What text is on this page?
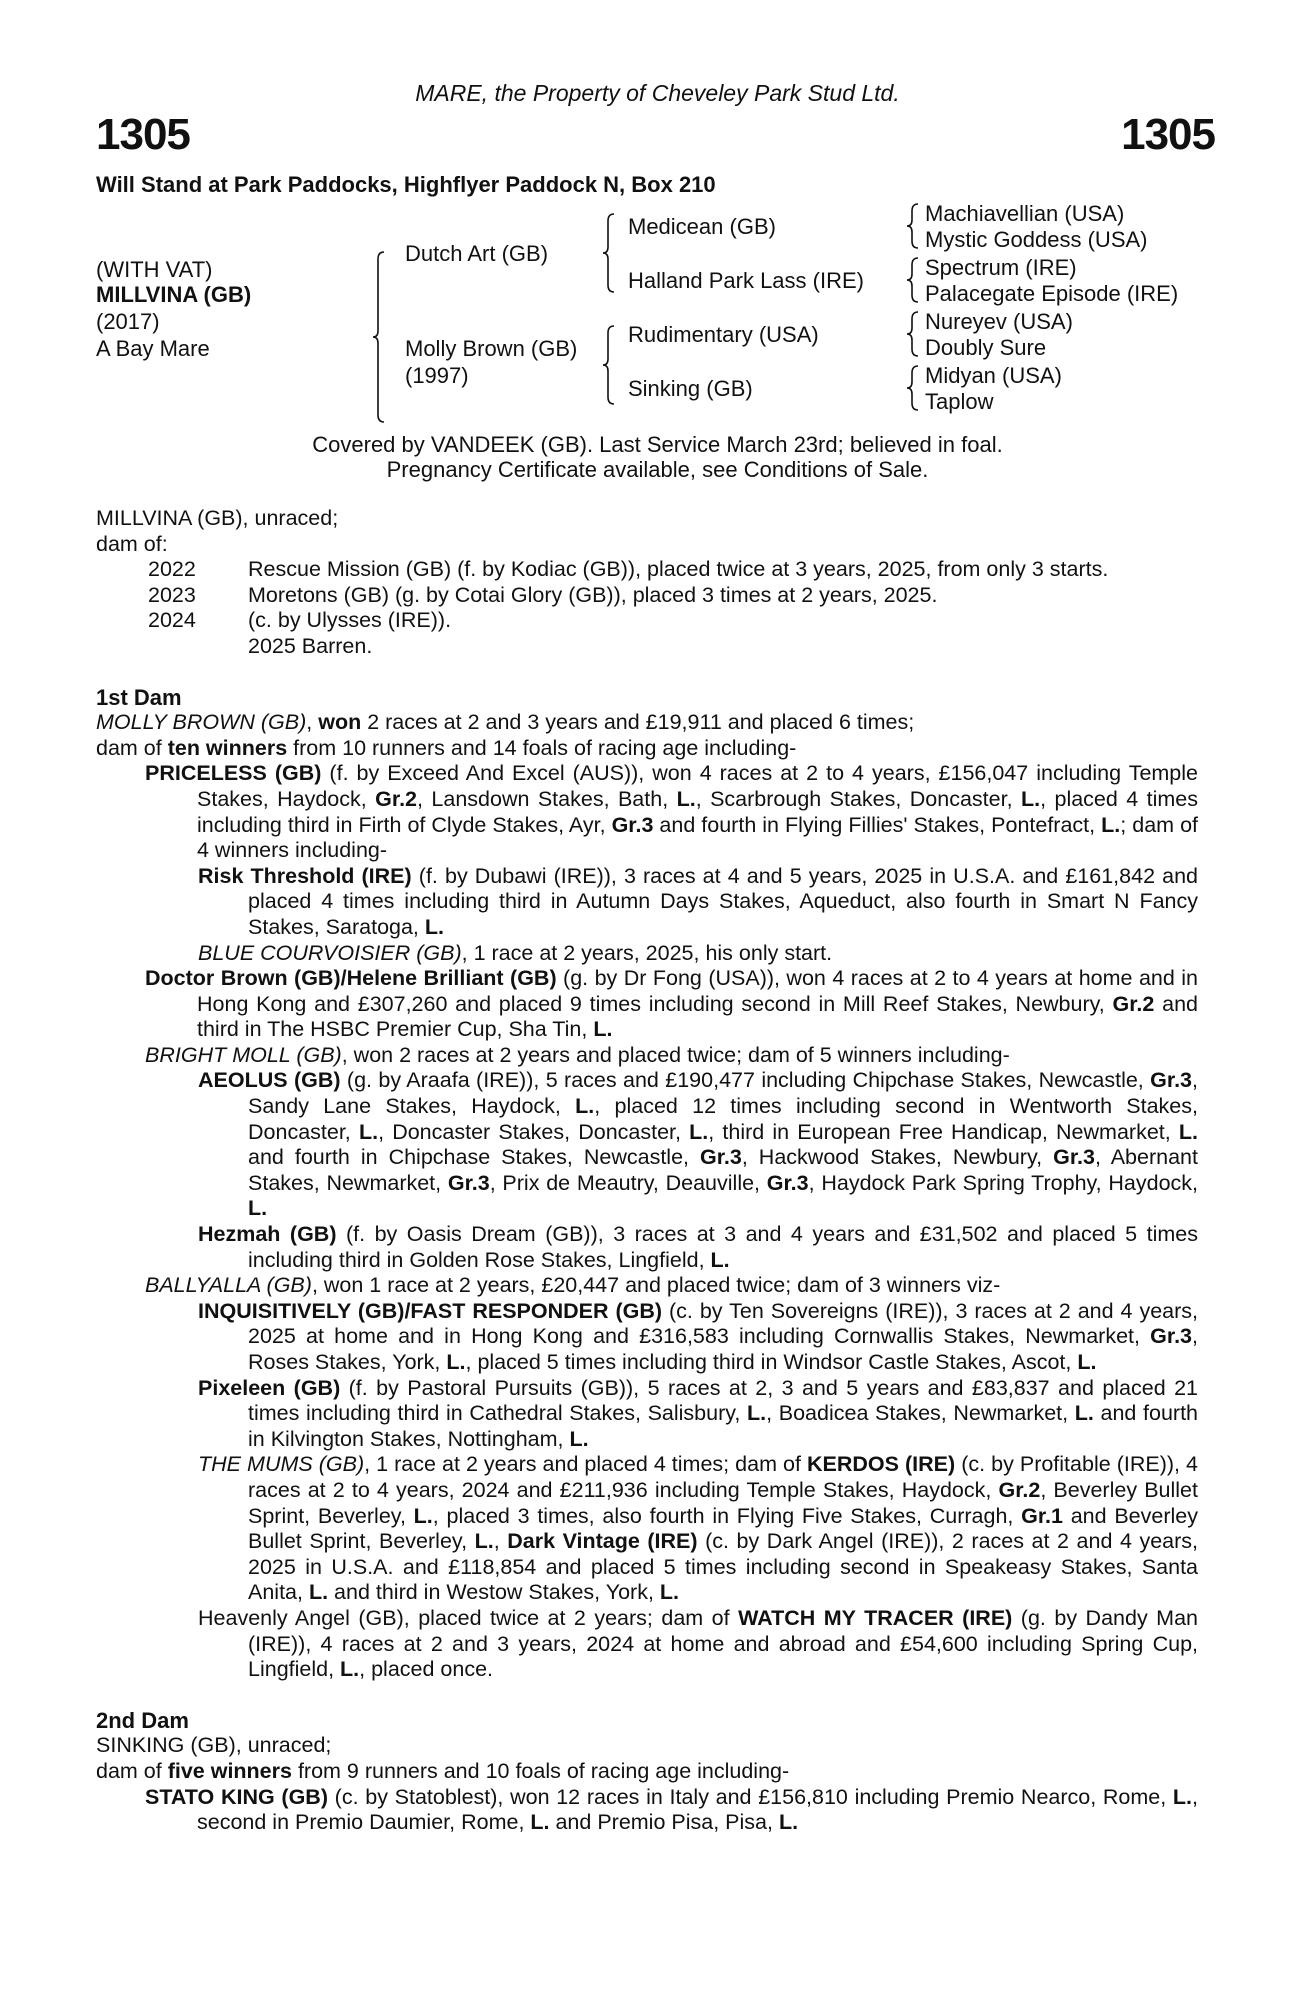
MARE, the Property of Cheveley Park Stud Ltd.
1305	1305
Will Stand at Park Paddocks, Highflyer Paddock N, Box 210
(WITH VAT)
MILLVINA (GB)
(2017)
A Bay Mare
Dutch Art (GB)
Molly Brown (GB)
(1997)
Medicean (GB)
Halland Park Lass (IRE)
Rudimentary (USA)
Sinking (GB)
Machiavellian (USA)
Mystic Goddess (USA)
Spectrum (IRE)
Palacegate Episode (IRE)
Nureyev (USA)
Doubly Sure
Midyan (USA)
Taplow
Covered by VANDEEK (GB). Last Service March 23rd; believed in foal.
Pregnancy Certificate available, see Conditions of Sale.
MILLVINA (GB), unraced;
dam of:
2022	Rescue Mission (GB) (f. by Kodiac (GB)), placed twice at 3 years, 2025, from only 3 starts.
2023	Moretons (GB) (g. by Cotai Glory (GB)), placed 3 times at 2 years, 2025.
2024	(c. by Ulysses (IRE)).
2025 Barren.
1st Dam
MOLLY BROWN (GB), won 2 races at 2 and 3 years and £19,911 and placed 6 times;
dam of ten winners from 10 runners and 14 foals of racing age including-
PRICELESS (GB) (f. by Exceed And Excel (AUS)), won 4 races at 2 to 4 years, £156,047 including Temple Stakes, Haydock, Gr.2, Lansdown Stakes, Bath, L., Scarbrough Stakes, Doncaster, L., placed 4 times including third in Firth of Clyde Stakes, Ayr, Gr.3 and fourth in Flying Fillies' Stakes, Pontefract, L.; dam of 4 winners including-
Risk Threshold (IRE) (f. by Dubawi (IRE)), 3 races at 4 and 5 years, 2025 in U.S.A. and £161,842 and placed 4 times including third in Autumn Days Stakes, Aqueduct, also fourth in Smart N Fancy Stakes, Saratoga, L.
BLUE COURVOISIER (GB), 1 race at 2 years, 2025, his only start.
Doctor Brown (GB)/Helene Brilliant (GB) (g. by Dr Fong (USA)), won 4 races at 2 to 4 years at home and in Hong Kong and £307,260 and placed 9 times including second in Mill Reef Stakes, Newbury, Gr.2 and third in The HSBC Premier Cup, Sha Tin, L.
BRIGHT MOLL (GB), won 2 races at 2 years and placed twice; dam of 5 winners including-
AEOLUS (GB) (g. by Araafa (IRE)), 5 races and £190,477 including Chipchase Stakes, Newcastle, Gr.3, Sandy Lane Stakes, Haydock, L., placed 12 times including second in Wentworth Stakes, Doncaster, L., Doncaster Stakes, Doncaster, L., third in European Free Handicap, Newmarket, L. and fourth in Chipchase Stakes, Newcastle, Gr.3, Hackwood Stakes, Newbury, Gr.3, Abernant Stakes, Newmarket, Gr.3, Prix de Meautry, Deauville, Gr.3, Haydock Park Spring Trophy, Haydock, L.
Hezmah (GB) (f. by Oasis Dream (GB)), 3 races at 3 and 4 years and £31,502 and placed 5 times including third in Golden Rose Stakes, Lingfield, L.
BALLYALLA (GB), won 1 race at 2 years, £20,447 and placed twice; dam of 3 winners viz-
INQUISITIVELY (GB)/FAST RESPONDER (GB) (c. by Ten Sovereigns (IRE)), 3 races at 2 and 4 years, 2025 at home and in Hong Kong and £316,583 including Cornwallis Stakes, Newmarket, Gr.3, Roses Stakes, York, L., placed 5 times including third in Windsor Castle Stakes, Ascot, L.
Pixeleen (GB) (f. by Pastoral Pursuits (GB)), 5 races at 2, 3 and 5 years and £83,837 and placed 21 times including third in Cathedral Stakes, Salisbury, L., Boadicea Stakes, Newmarket, L. and fourth in Kilvington Stakes, Nottingham, L.
THE MUMS (GB), 1 race at 2 years and placed 4 times; dam of KERDOS (IRE) (c. by Profitable (IRE)), 4 races at 2 to 4 years, 2024 and £211,936 including Temple Stakes, Haydock, Gr.2, Beverley Bullet Sprint, Beverley, L., placed 3 times, also fourth in Flying Five Stakes, Curragh, Gr.1 and Beverley Bullet Sprint, Beverley, L., Dark Vintage (IRE) (c. by Dark Angel (IRE)), 2 races at 2 and 4 years, 2025 in U.S.A. and £118,854 and placed 5 times including second in Speakeasy Stakes, Santa Anita, L. and third in Westow Stakes, York, L.
Heavenly Angel (GB), placed twice at 2 years; dam of WATCH MY TRACER (IRE) (g. by Dandy Man (IRE)), 4 races at 2 and 3 years, 2024 at home and abroad and £54,600 including Spring Cup, Lingfield, L., placed once.
2nd Dam
SINKING (GB), unraced;
dam of five winners from 9 runners and 10 foals of racing age including-
STATO KING (GB) (c. by Statoblest), won 12 races in Italy and £156,810 including Premio Nearco, Rome, L., second in Premio Daumier, Rome, L. and Premio Pisa, Pisa, L.
